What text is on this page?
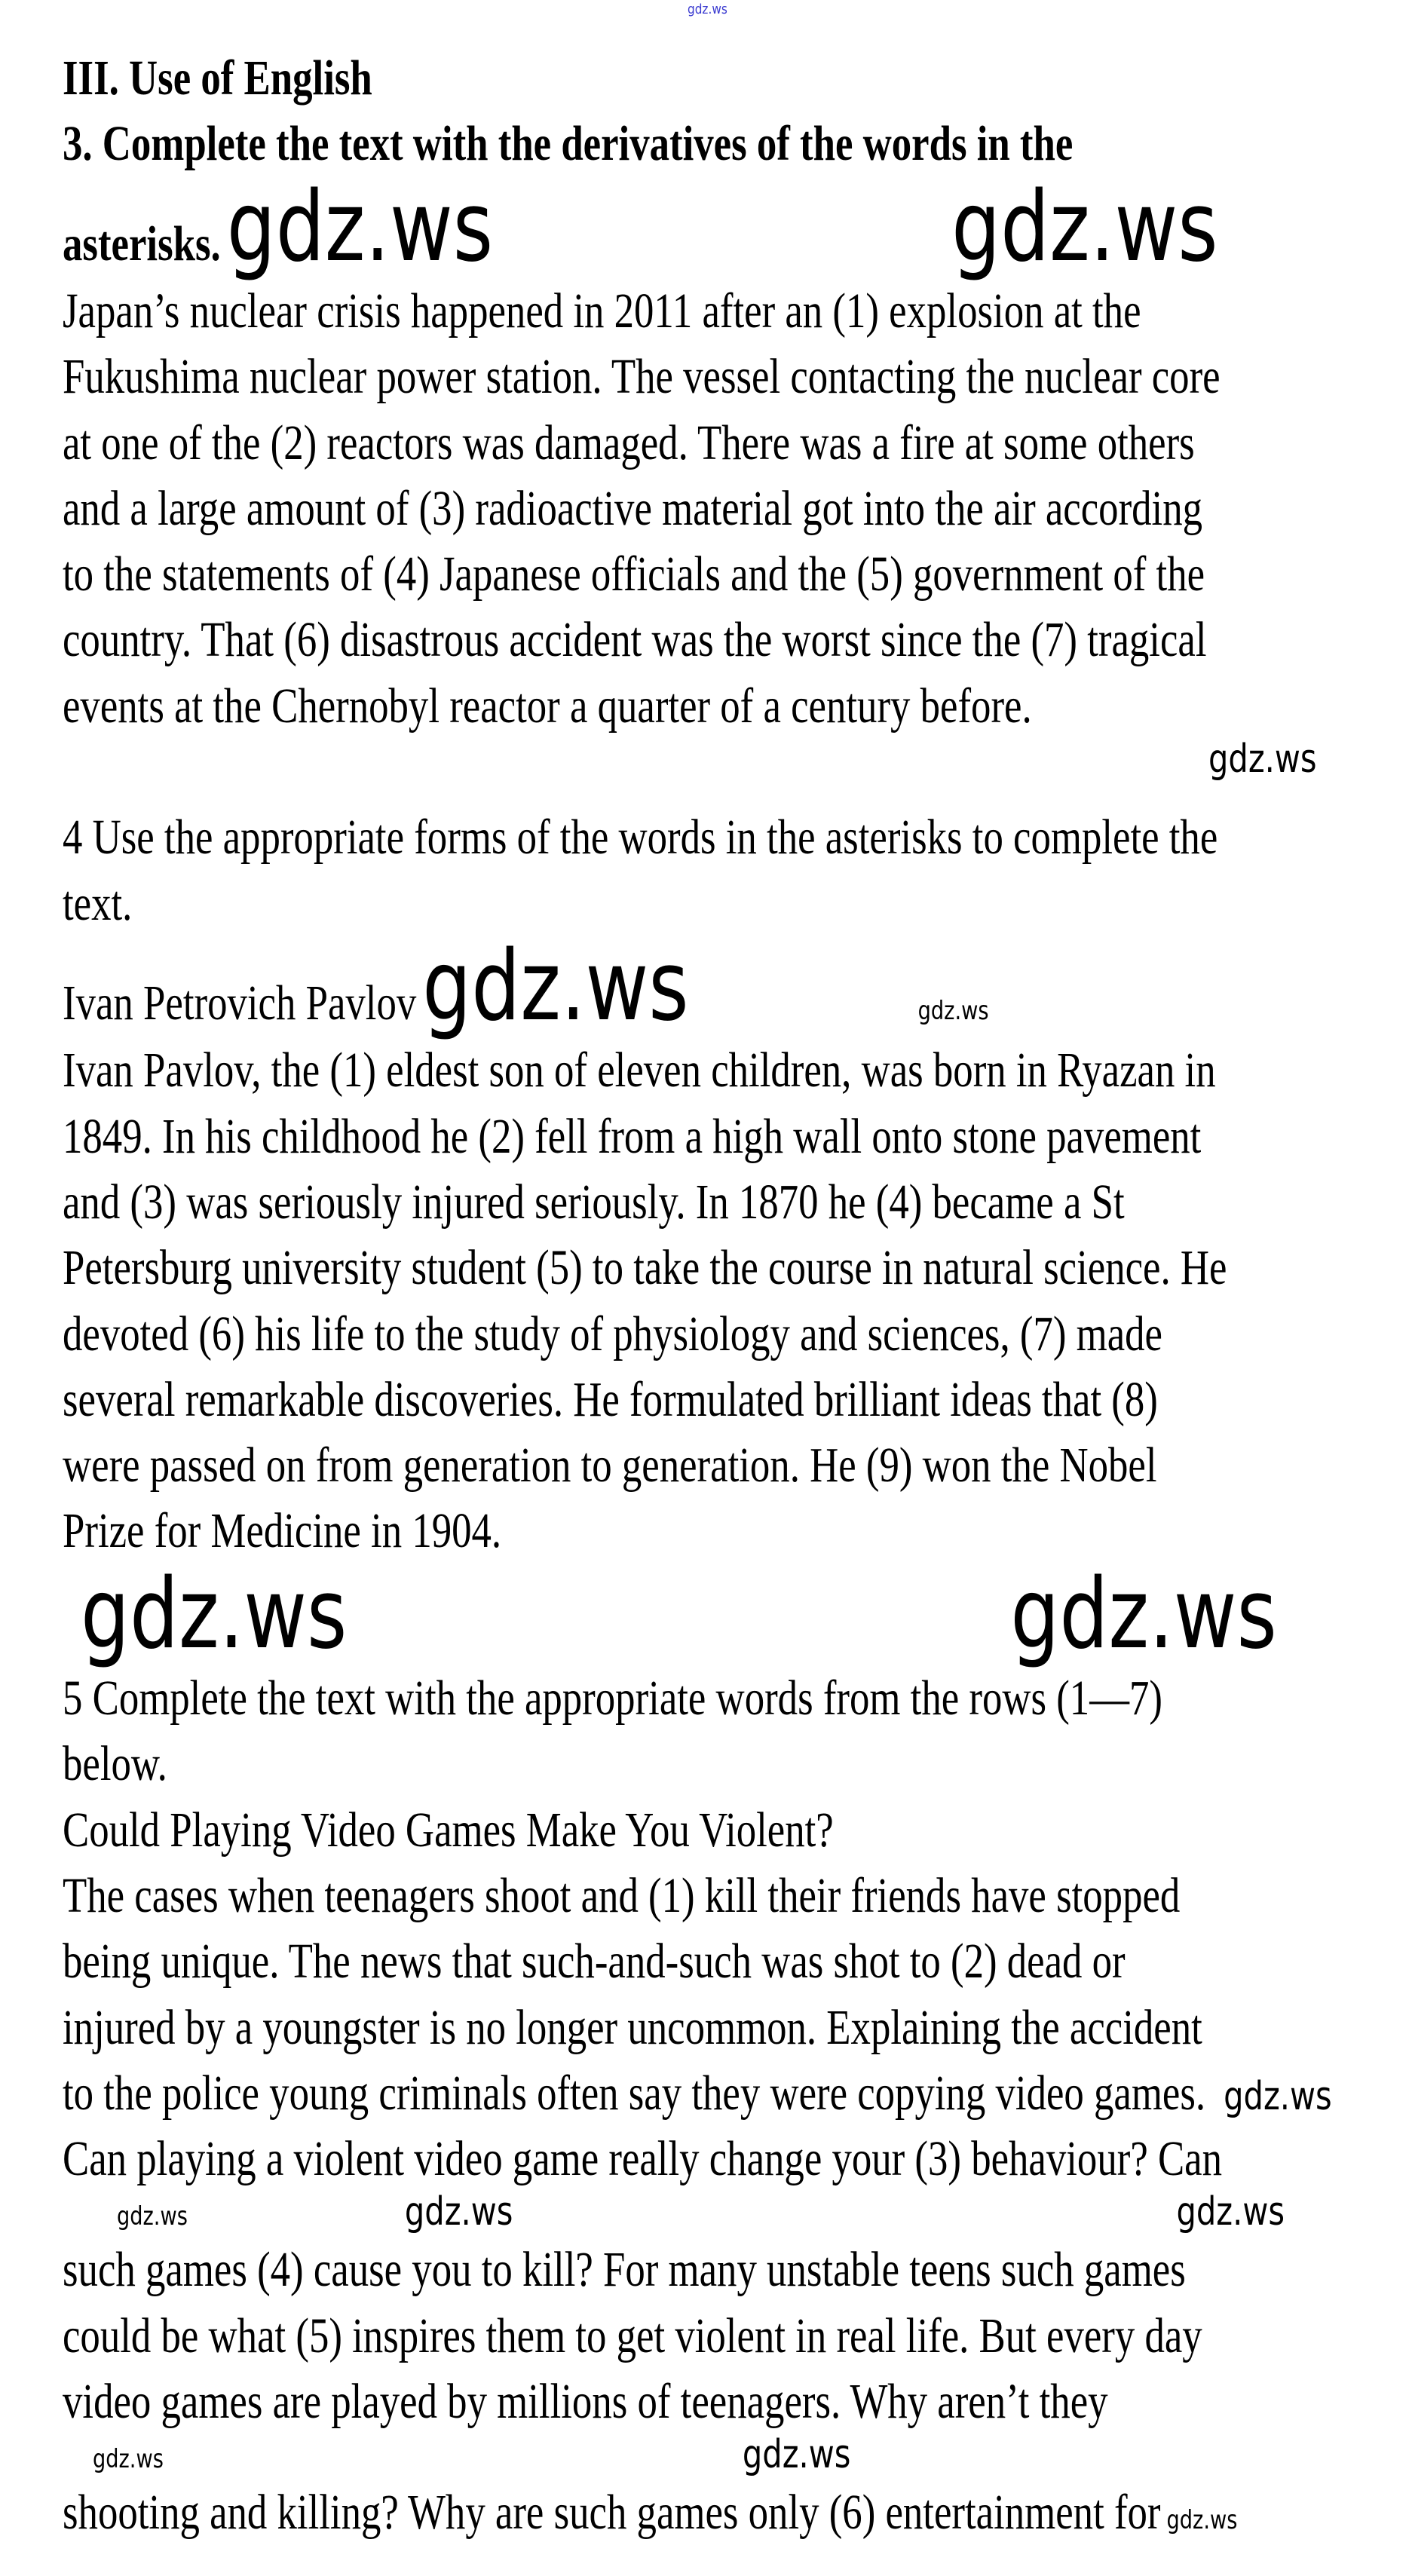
gdz.ws
III. Use of English
3. Complete the text with the derivatives of the words in the
asterisks. gdz.ws	gdz.ws
Japan’s nuclear crisis happened in 2011 after an (1) explosion at the
Fukushima nuclear power station. The vessel contacting the nuclear core
at one of the (2) reactors was damaged. There was a fire at some others
and a large amount of (3) radioactive material got into the air according
to the statements of (4) Japanese officials and the (5) government of the
country. That (6) disastrous accident was the worst since the (7) tragical
events at the Chernobyl reactor a quarter of a century before.
gdz.ws
4 Use the appropriate forms of the words in the asterisks to complete the
text.
Ivan Petrovich Pavlov gdz.ws	gdz.ws
Ivan Pavlov, the (1) eldest son of eleven children, was born in Ryazan in
1849. In his childhood he (2) fell from a high wall onto stone pavement
and (3) was seriously injured seriously. In 1870 he (4) became a St
Petersburg university student (5) to take the course in natural science. He
devoted (6) his life to the study of physiology and sciences, (7) made
several remarkable discoveries. He formulated brilliant ideas that (8)
were passed on from generation to generation. He (9) won the Nobel
Prize for Medicine in 1904.
gdz.ws	gdz.ws
5 Complete the text with the appropriate words from the rows (1—7)
below.
Could Playing Video Games Make You Violent?
The cases when teenagers shoot and (1) kill their friends have stopped
being unique. The news that such-and-such was shot to (2) dead or
injured by a youngster is no longer uncommon. Explaining the accident
to the police young criminals often say they were copying video games. gdz.ws
Can playing a violent video game really change your (3) behaviour? Can
gdz.ws	gdz.ws	gdz.ws
such games (4) cause you to kill? For many unstable teens such games
could be what (5) inspires them to get violent in real life. But every day
video games are played by millions of teenagers. Why aren’t they
gdz.ws	gdz.ws
shooting and killing? Why are such games only (6) entertainment for gdz.ws
